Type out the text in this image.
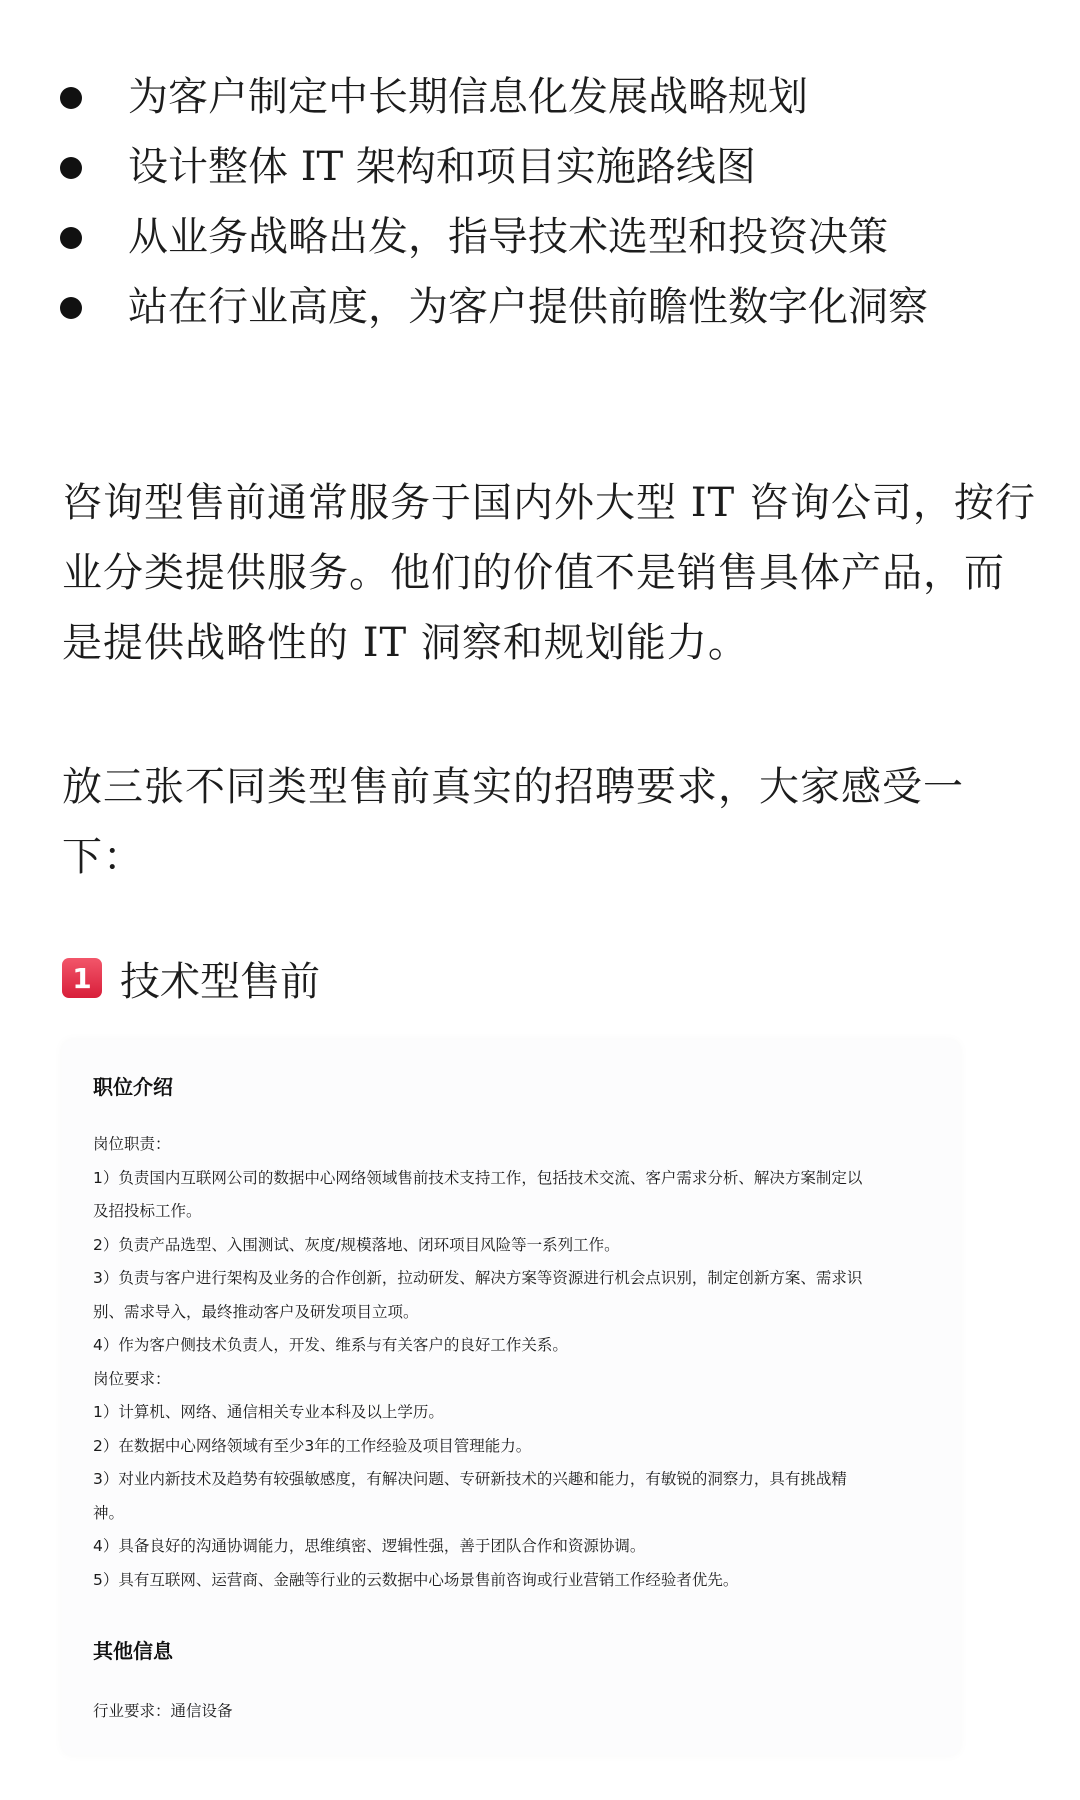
为客户制定中长期信息化发展战略规划
设计整体 IT 架构和项目实施路线图
从业务战略出发，指导技术选型和投资决策
站在行业高度，为客户提供前瞻性数字化洞察

咨询型售前通常服务于国内外大型 IT 咨询公司，按行业分类提供服务。他们的价值不是销售具体产品，而是提供战略性的 IT 洞察和规划能力。

放三张不同类型售前真实的招聘要求，大家感受一下：

1 技术型售前
职位介绍
岗位职责：
1）负责国内互联网公司的数据中心网络领域售前技术支持工作，包括技术交流、客户需求分析、解决方案制定以
及招投标工作。
2）负责产品选型、入围测试、灰度/规模落地、闭环项目风险等一系列工作。
3）负责与客户进行架构及业务的合作创新，拉动研发、解决方案等资源进行机会点识别，制定创新方案、需求识
别、需求导入，最终推动客户及研发项目立项。
4）作为客户侧技术负责人，开发、维系与有关客户的良好工作关系。
岗位要求：
1）计算机、网络、通信相关专业本科及以上学历。
2）在数据中心网络领域有至少3年的工作经验及项目管理能力。
3）对业内新技术及趋势有较强敏感度，有解决问题、专研新技术的兴趣和能力，有敏锐的洞察力，具有挑战精
神。
4）具备良好的沟通协调能力，思维缜密、逻辑性强，善于团队合作和资源协调。
5）具有互联网、运营商、金融等行业的云数据中心场景售前咨询或行业营销工作经验者优先。
其他信息
行业要求：通信设备
